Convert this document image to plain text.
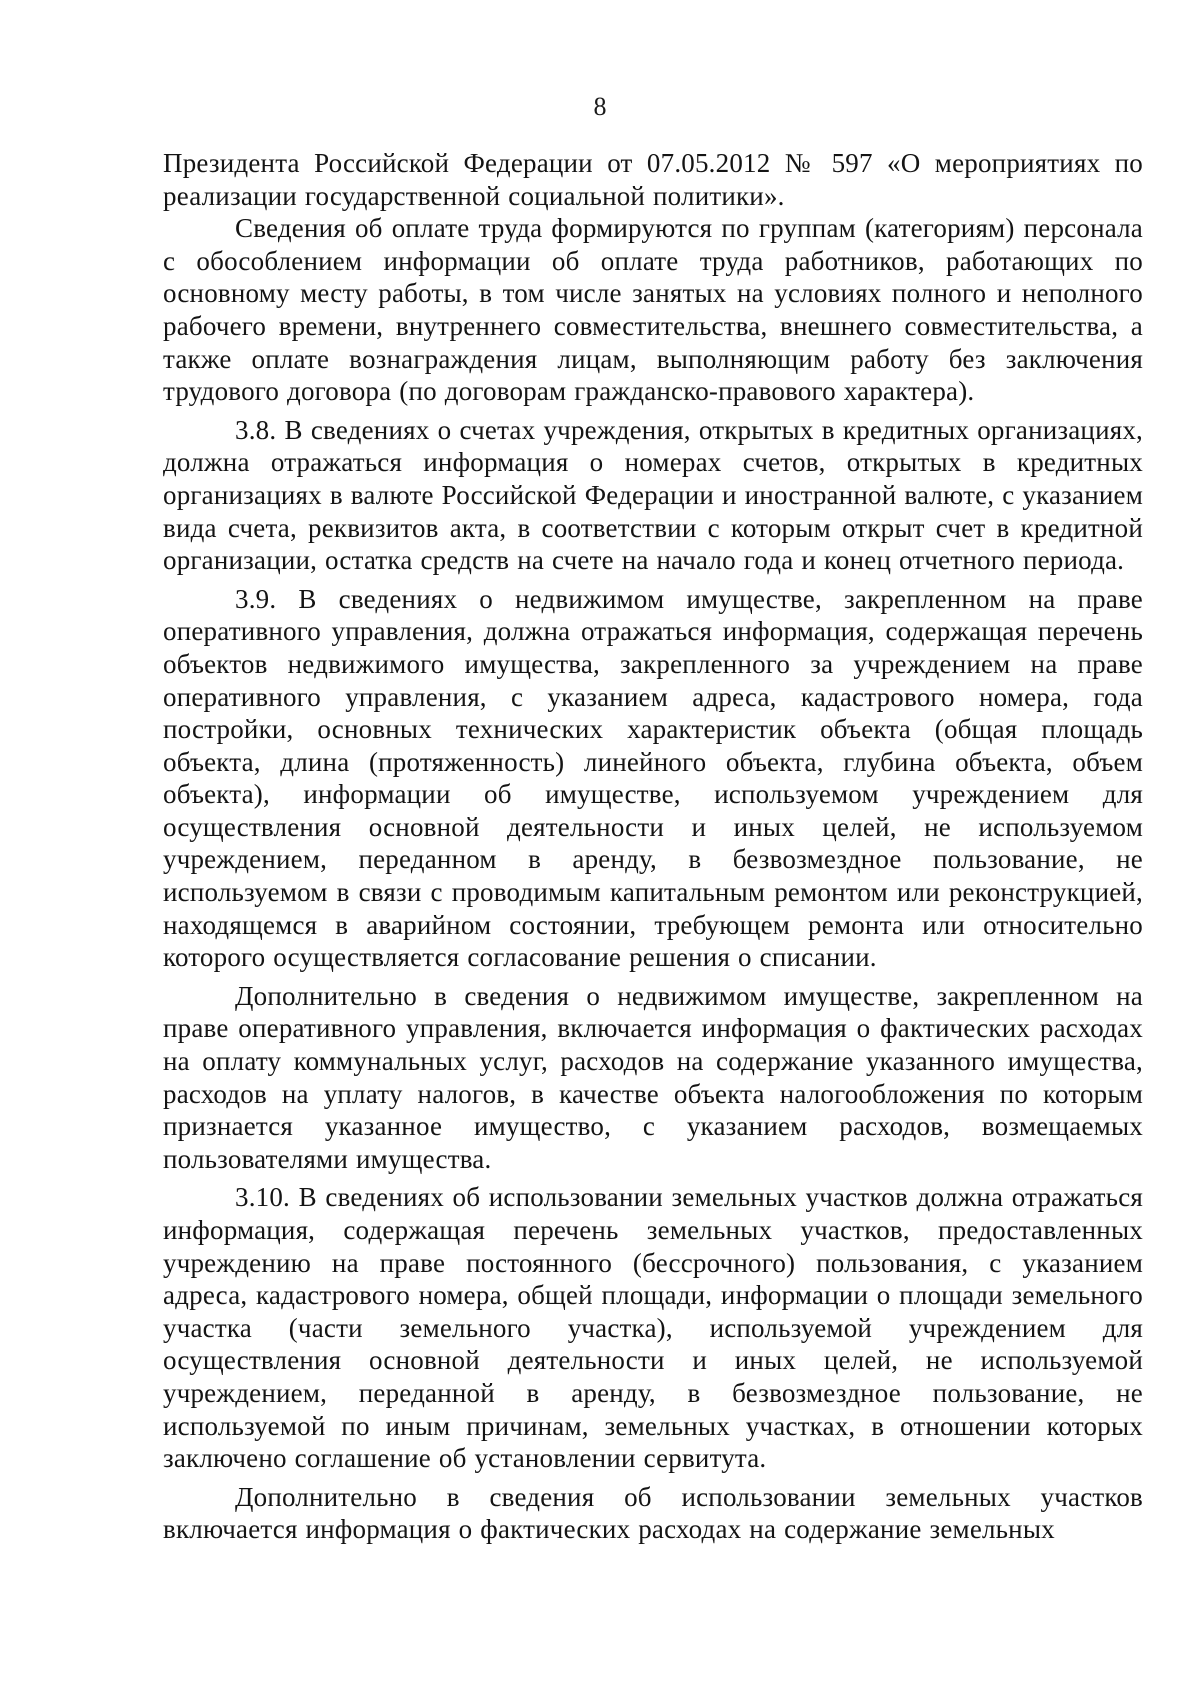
8

Президента Российской Федерации от 07.05.2012 № 597 «О мероприятиях по реализации государственной социальной политики».

Сведения об оплате труда формируются по группам (категориям) персонала с обособлением информации об оплате труда работников, работающих по основному месту работы, в том числе занятых на условиях полного и неполного рабочего времени, внутреннего совместительства, внешнего совместительства, а также оплате вознаграждения лицам, выполняющим работу без заключения трудового договора (по договорам гражданско-правового характера).

3.8. В сведениях о счетах учреждения, открытых в кредитных организациях, должна отражаться информация о номерах счетов, открытых в кредитных организациях в валюте Российской Федерации и иностранной валюте, с указанием вида счета, реквизитов акта, в соответствии с которым открыт счет в кредитной организации, остатка средств на счете на начало года и конец отчетного периода.

3.9. В сведениях о недвижимом имуществе, закрепленном на праве оперативного управления, должна отражаться информация, содержащая перечень объектов недвижимого имущества, закрепленного за учреждением на праве оперативного управления, с указанием адреса, кадастрового номера, года постройки, основных технических характеристик объекта (общая площадь объекта, длина (протяженность) линейного объекта, глубина объекта, объем объекта), информации об имуществе, используемом учреждением для осуществления основной деятельности и иных целей, не используемом учреждением, переданном в аренду, в безвозмездное пользование, не используемом в связи с проводимым капитальным ремонтом или реконструкцией, находящемся в аварийном состоянии, требующем ремонта или относительно которого осуществляется согласование решения о списании.

Дополнительно в сведения о недвижимом имуществе, закрепленном на праве оперативного управления, включается информация о фактических расходах на оплату коммунальных услуг, расходов на содержание указанного имущества, расходов на уплату налогов, в качестве объекта налогообложения по которым признается указанное имущество, с указанием расходов, возмещаемых пользователями имущества.

3.10. В сведениях об использовании земельных участков должна отражаться информация, содержащая перечень земельных участков, предоставленных учреждению на праве постоянного (бессрочного) пользования, с указанием адреса, кадастрового номера, общей площади, информации о площади земельного участка (части земельного участка), используемой учреждением для осуществления основной деятельности и иных целей, не используемой учреждением, переданной в аренду, в безвозмездное пользование, не используемой по иным причинам, земельных участках, в отношении которых заключено соглашение об установлении сервитута.

Дополнительно в сведения об использовании земельных участков включается информация о фактических расходах на содержание земельных
